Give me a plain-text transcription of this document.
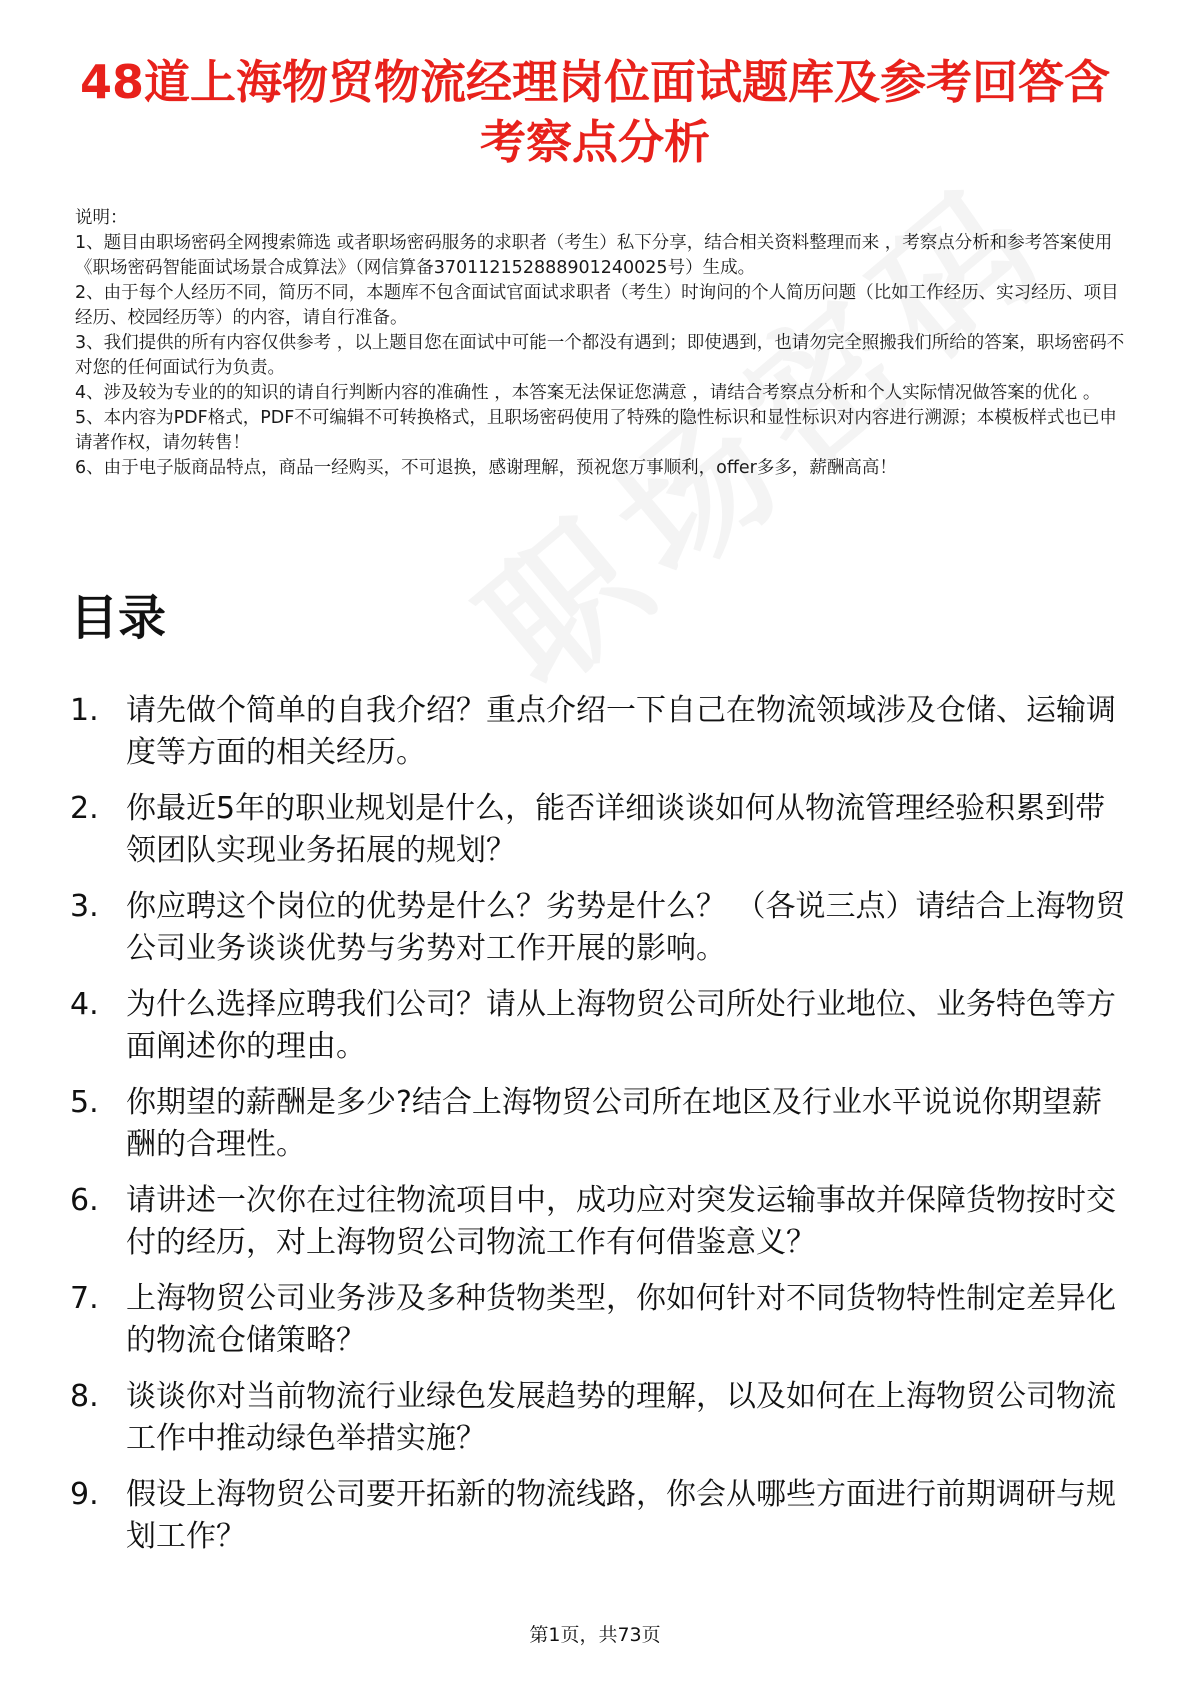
48道上海物贸物流经理岗位面试题库及参考回答含考察点分析

说明：

1、题目由职场密码全网搜索筛选 或者职场密码服务的求职者（考生）私下分享，结合相关资料整理而来 ，考察点分析和参考答案使用《职场密码智能面试场景合成算法》（网信算备370112152888901240025号）生成。

2、由于每个人经历不同，简历不同，本题库不包含面试官面试求职者（考生）时询问的个人简历问题（比如工作经历、实习经历、项目经历、校园经历等）的内容，请自行准备。

3、我们提供的所有内容仅供参考 ，以上题目您在面试中可能一个都没有遇到；即使遇到，也请勿完全照搬我们所给的答案，职场密码不对您的任何面试行为负责。

4、涉及较为专业的的知识的请自行判断内容的准确性 ，本答案无法保证您满意 ，请结合考察点分析和个人实际情况做答案的优化 。

5、本内容为PDF格式，PDF不可编辑不可转换格式，且职场密码使用了特殊的隐性标识和显性标识对内容进行溯源；本模板样式也已申请著作权，请勿转售！

6、由于电子版商品特点，商品一经购买，不可退换，感谢理解，预祝您万事顺利，offer多多，薪酬高高！

目录
1. 请先做个简单的自我介绍？重点介绍一下自己在物流领域涉及仓储、运输调度等方面的相关经历。
2. 你最近5年的职业规划是什么，能否详细谈谈如何从物流管理经验积累到带领团队实现业务拓展的规划？
3. 你应聘这个岗位的优势是什么？劣势是什么？ （各说三点）请结合上海物贸公司业务谈谈优势与劣势对工作开展的影响。
4. 为什么选择应聘我们公司？请从上海物贸公司所处行业地位、业务特色等方面阐述你的理由。
5. 你期望的薪酬是多少?结合上海物贸公司所在地区及行业水平说说你期望薪酬的合理性。
6. 请讲述一次你在过往物流项目中，成功应对突发运输事故并保障货物按时交付的经历，对上海物贸公司物流工作有何借鉴意义？
7. 上海物贸公司业务涉及多种货物类型，你如何针对不同货物特性制定差异化的物流仓储策略？
8. 谈谈你对当前物流行业绿色发展趋势的理解，以及如何在上海物贸公司物流工作中推动绿色举措实施？
9. 假设上海物贸公司要开拓新的物流线路，你会从哪些方面进行前期调研与规划工作？
第1页，共73页
